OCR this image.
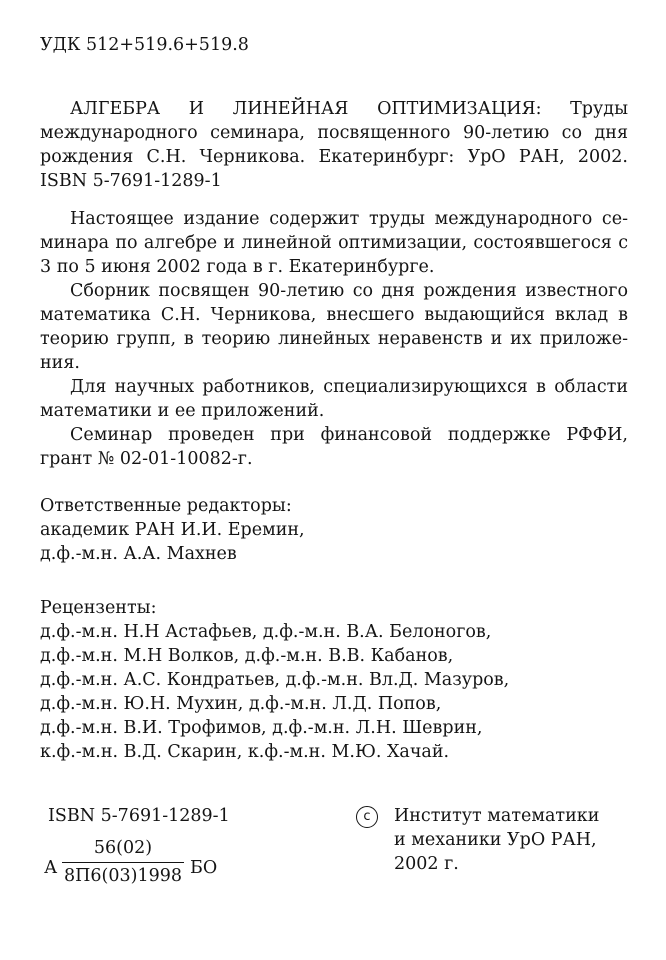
УДК 512+519.6+519.8
АЛГЕБРА И ЛИНЕЙНАЯ ОПТИМИЗАЦИЯ: Труды
международного семинара, посвященного 90-летию со дня
рождения С.Н. Черникова. Екатеринбург: УрО РАН, 2002.
ISBN 5-7691-1289-1
Настоящее издание содержит труды международного се-
минара по алгебре и линейной оптимизации, состоявшегося с
3 по 5 июня 2002 года в г. Екатеринбурге.
Сборник посвящен 90-летию со дня рождения известного
математика С.Н. Черникова, внесшего выдающийся вклад в
теорию групп, в теорию линейных неравенств и их приложе-
ния.
Для научных работников, специализирующихся в области
математики и ее приложений.
Семинар проведен при финансовой поддержке РФФИ,
грант № 02-01-10082-г.
Ответственные редакторы:
академик РАН И.И. Еремин,
д.ф.-м.н. А.А. Махнев
Рецензенты:
д.ф.-м.н. Н.Н Астафьев, д.ф.-м.н. В.А. Белоногов,
д.ф.-м.н. М.Н Волков, д.ф.-м.н. В.В. Кабанов,
д.ф.-м.н. А.С. Кондратьев, д.ф.-м.н. Вл.Д. Мазуров,
д.ф.-м.н. Ю.Н. Мухин, д.ф.-м.н. Л.Д. Попов,
д.ф.-м.н. В.И. Трофимов, д.ф.-м.н. Л.Н. Шеврин,
к.ф.-м.н. В.Д. Скарин, к.ф.-м.н. М.Ю. Хачай.
ISBN 5-7691-1289-1
А
56(02)
8П6(03)1998 БО
c	Институт математики
и механики УрО РАН,
2002 г.
